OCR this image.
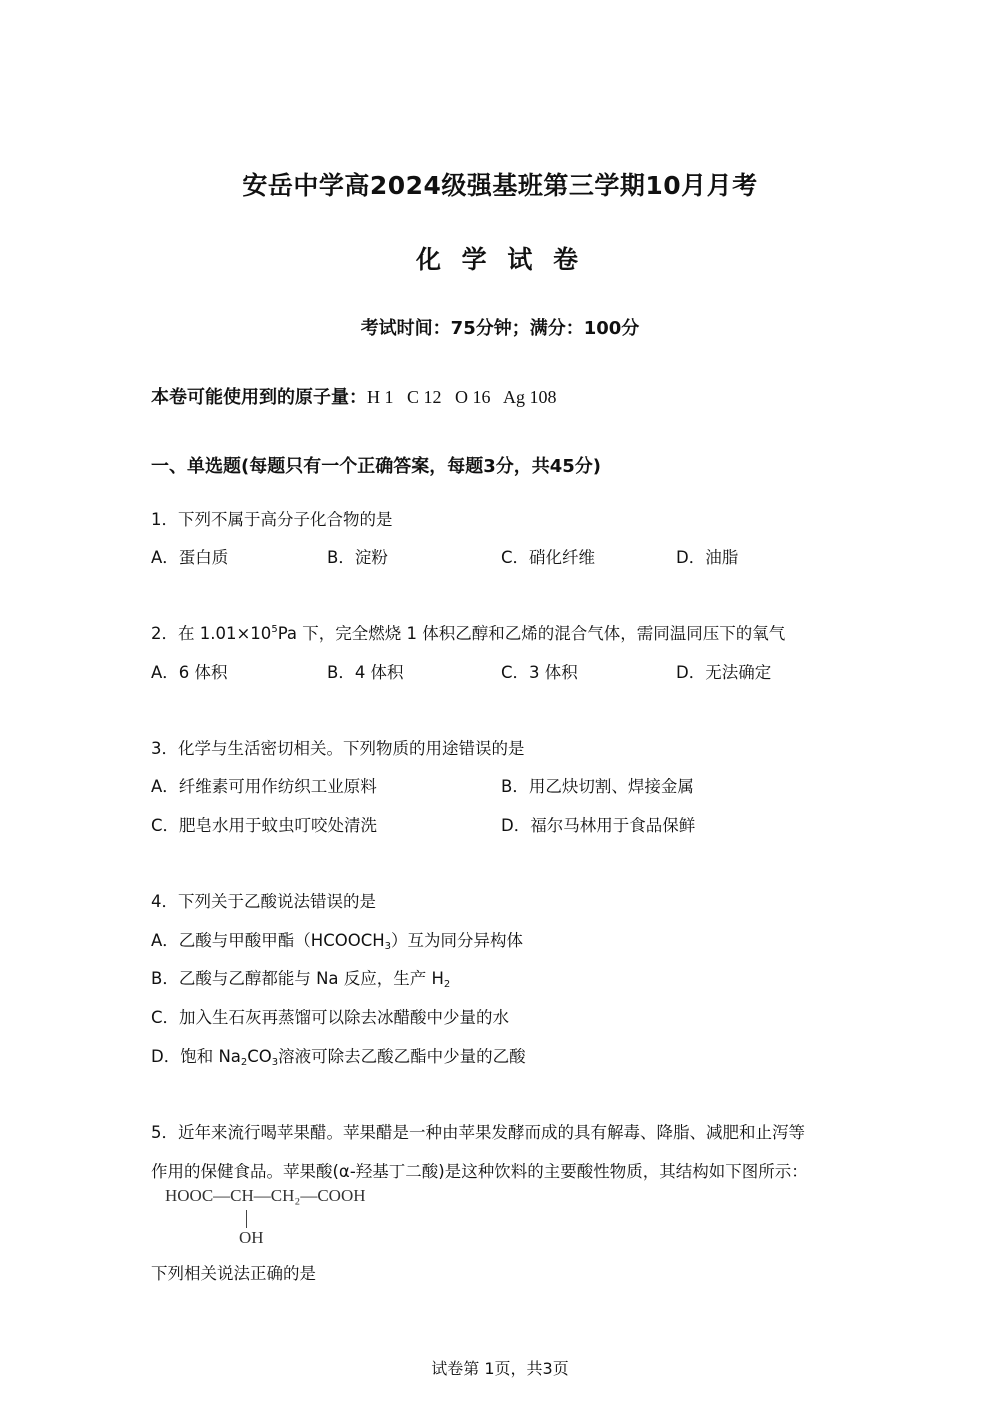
安岳中学高2024级强基班第三学期10月月考
化 学 试 卷
考试时间：75分钟；满分：100分
本卷可能使用到的原子量：H 1   C 12   O 16   Ag 108
一、单选题(每题只有一个正确答案，每题3分，共45分)
1．下列不属于高分子化合物的是
A．蛋白质	B．淀粉	C．硝化纤维	D．油脂
2．在 $1.01\times 10^5Pa$ 下，完全燃烧 1 体积乙醇和乙烯的混合气体，需同温同压下的氧气
A．6 体积	B．4 体积	C．3 体积	D．无法确定
3．化学与生活密切相关。下列物质的用途错误的是
A．纤维素可用作纺织工业原料	B．用乙炔切割、焊接金属
C．肥皂水用于蚊虫叮咬处清洗	D．福尔马林用于食品保鲜
4．下列关于乙酸说法错误的是
A．乙酸与甲酸甲酯$(HCOOCH_3)$互为同分异构体
B．乙酸与乙醇都能与 Na 反应，生产 $H_2$
C．加入生石灰再蒸馏可以除去冰醋酸中少量的水
D．饱和 $Na_2CO_3$溶液可除去乙酸乙酯中少量的乙酸
5．近年来流行喝苹果醋。苹果醋是一种由苹果发酵而成的具有解毒、降脂、减肥和止泻等
作用的保健食品。苹果酸(α-羟基丁二酸)是这种饮料的主要酸性物质，其结构如下图所示：
HOOC—CH—CH₂—COOH
OH
下列相关说法正确的是
试卷第 1页，共3页
